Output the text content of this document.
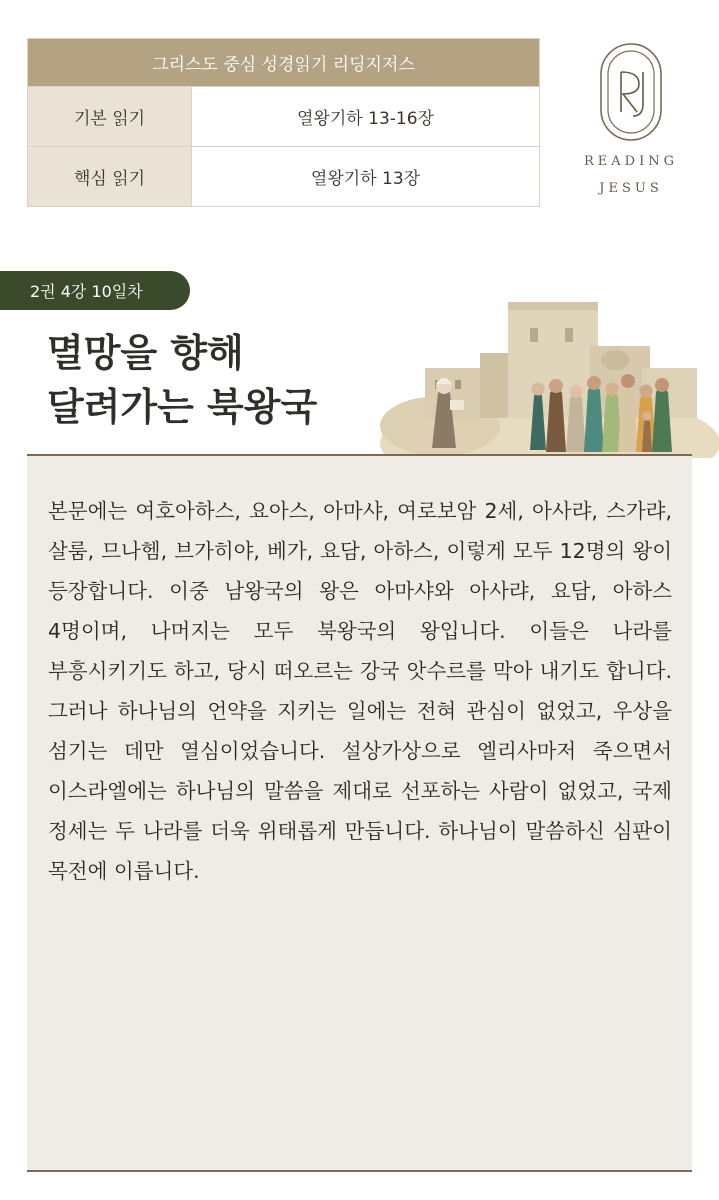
그리스도 중심 성경읽기 리딩지저스
기본 읽기	열왕기하 13-16장
핵심 읽기	열왕기하 13장
READING
JESUS
2권 4강 10일차
멸망을 향해
달려가는 북왕국

본문에는 여호아하스, 요아스, 아마샤, 여로보암 2세, 아사랴, 스가랴, 살룸, 므나헴, 브가히야, 베가, 요담, 아하스, 이렇게 모두 12명의 왕이 등장합니다. 이중 남왕국의 왕은 아마샤와 아사랴, 요담, 아하스 4명이며, 나머지는 모두 북왕국의 왕입니다. 이들은 나라를 부흥시키기도 하고, 당시 떠오르는 강국 앗수르를 막아 내기도 합니다. 그러나 하나님의 언약을 지키는 일에는 전혀 관심이 없었고, 우상을 섬기는 데만 열심이었습니다. 설상가상으로 엘리사마저 죽으면서 이스라엘에는 하나님의 말씀을 제대로 선포하는 사람이 없었고, 국제 정세는 두 나라를 더욱 위태롭게 만듭니다. 하나님이 말씀하신 심판이 목전에 이릅니다.
